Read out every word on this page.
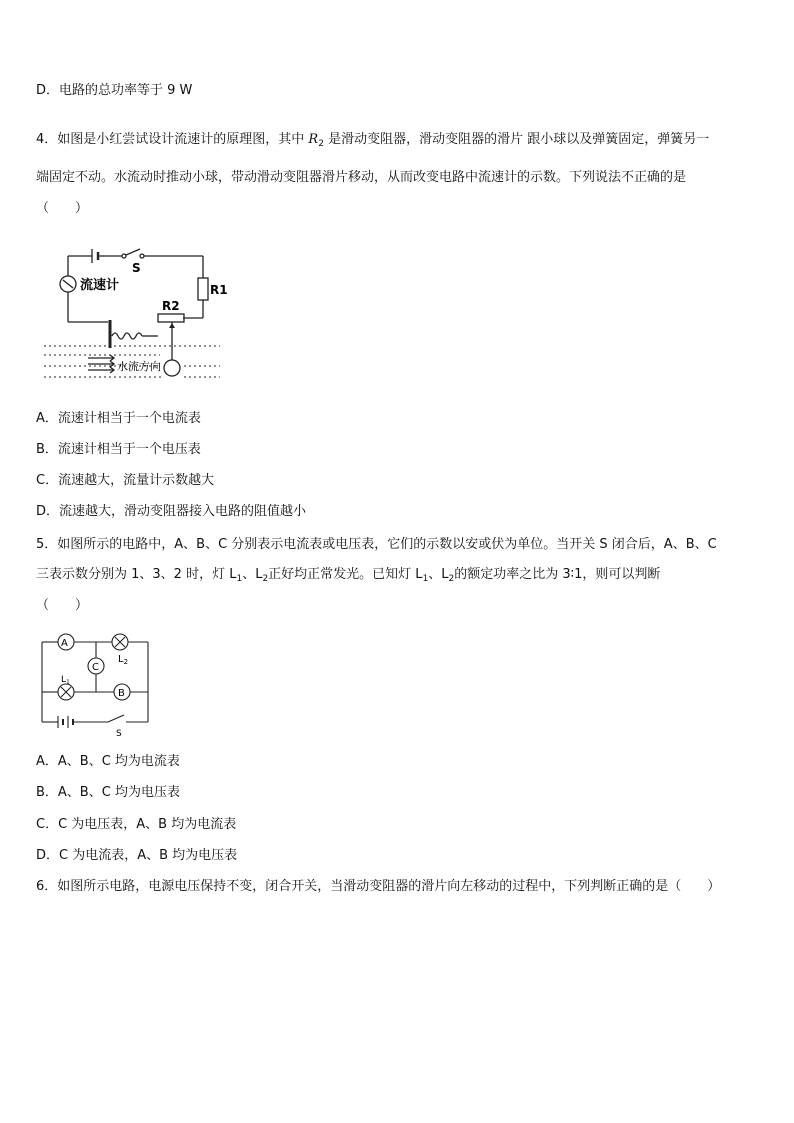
D．电路的总功率等于 9 W
4．如图是小红尝试设计流速计的原理图，其中 $R_2$ 是滑动变阻器，滑动变阻器的滑片 跟小球以及弹簧固定，弹簧另一
端固定不动。水流动时推动小球，带动滑动变阻器滑片移动，从而改变电路中流速计的示数。下列说法不正确的是
（　　）
S
流速计	R1
R2
水流方向
A．流速计相当于一个电流表
B．流速计相当于一个电压表
C．流速越大，流量计示数越大
D．流速越大，滑动变阻器接入电路的阻值越小
5．如图所示的电路中，A、B、C 分别表示电流表或电压表，它们的示数以安或伏为单位。当开关 S 闭合后，A、B、C
三表示数分别为 1、3、2 时，灯 $L_1$、$L_2$正好均正常发光。已知灯 $L_1$、$L_2$的额定功率之比为 3∶1，则可以判断
（　　）
A
C
B
$L_2$
$L_1$
S
A．A、B、C 均为电流表
B．A、B、C 均为电压表
C．C 为电压表，A、B 均为电流表
D．C 为电流表，A、B 均为电压表
6．如图所示电路，电源电压保持不变，闭合开关，当滑动变阻器的滑片向左移动的过程中，下列判断正确的是（　　）
